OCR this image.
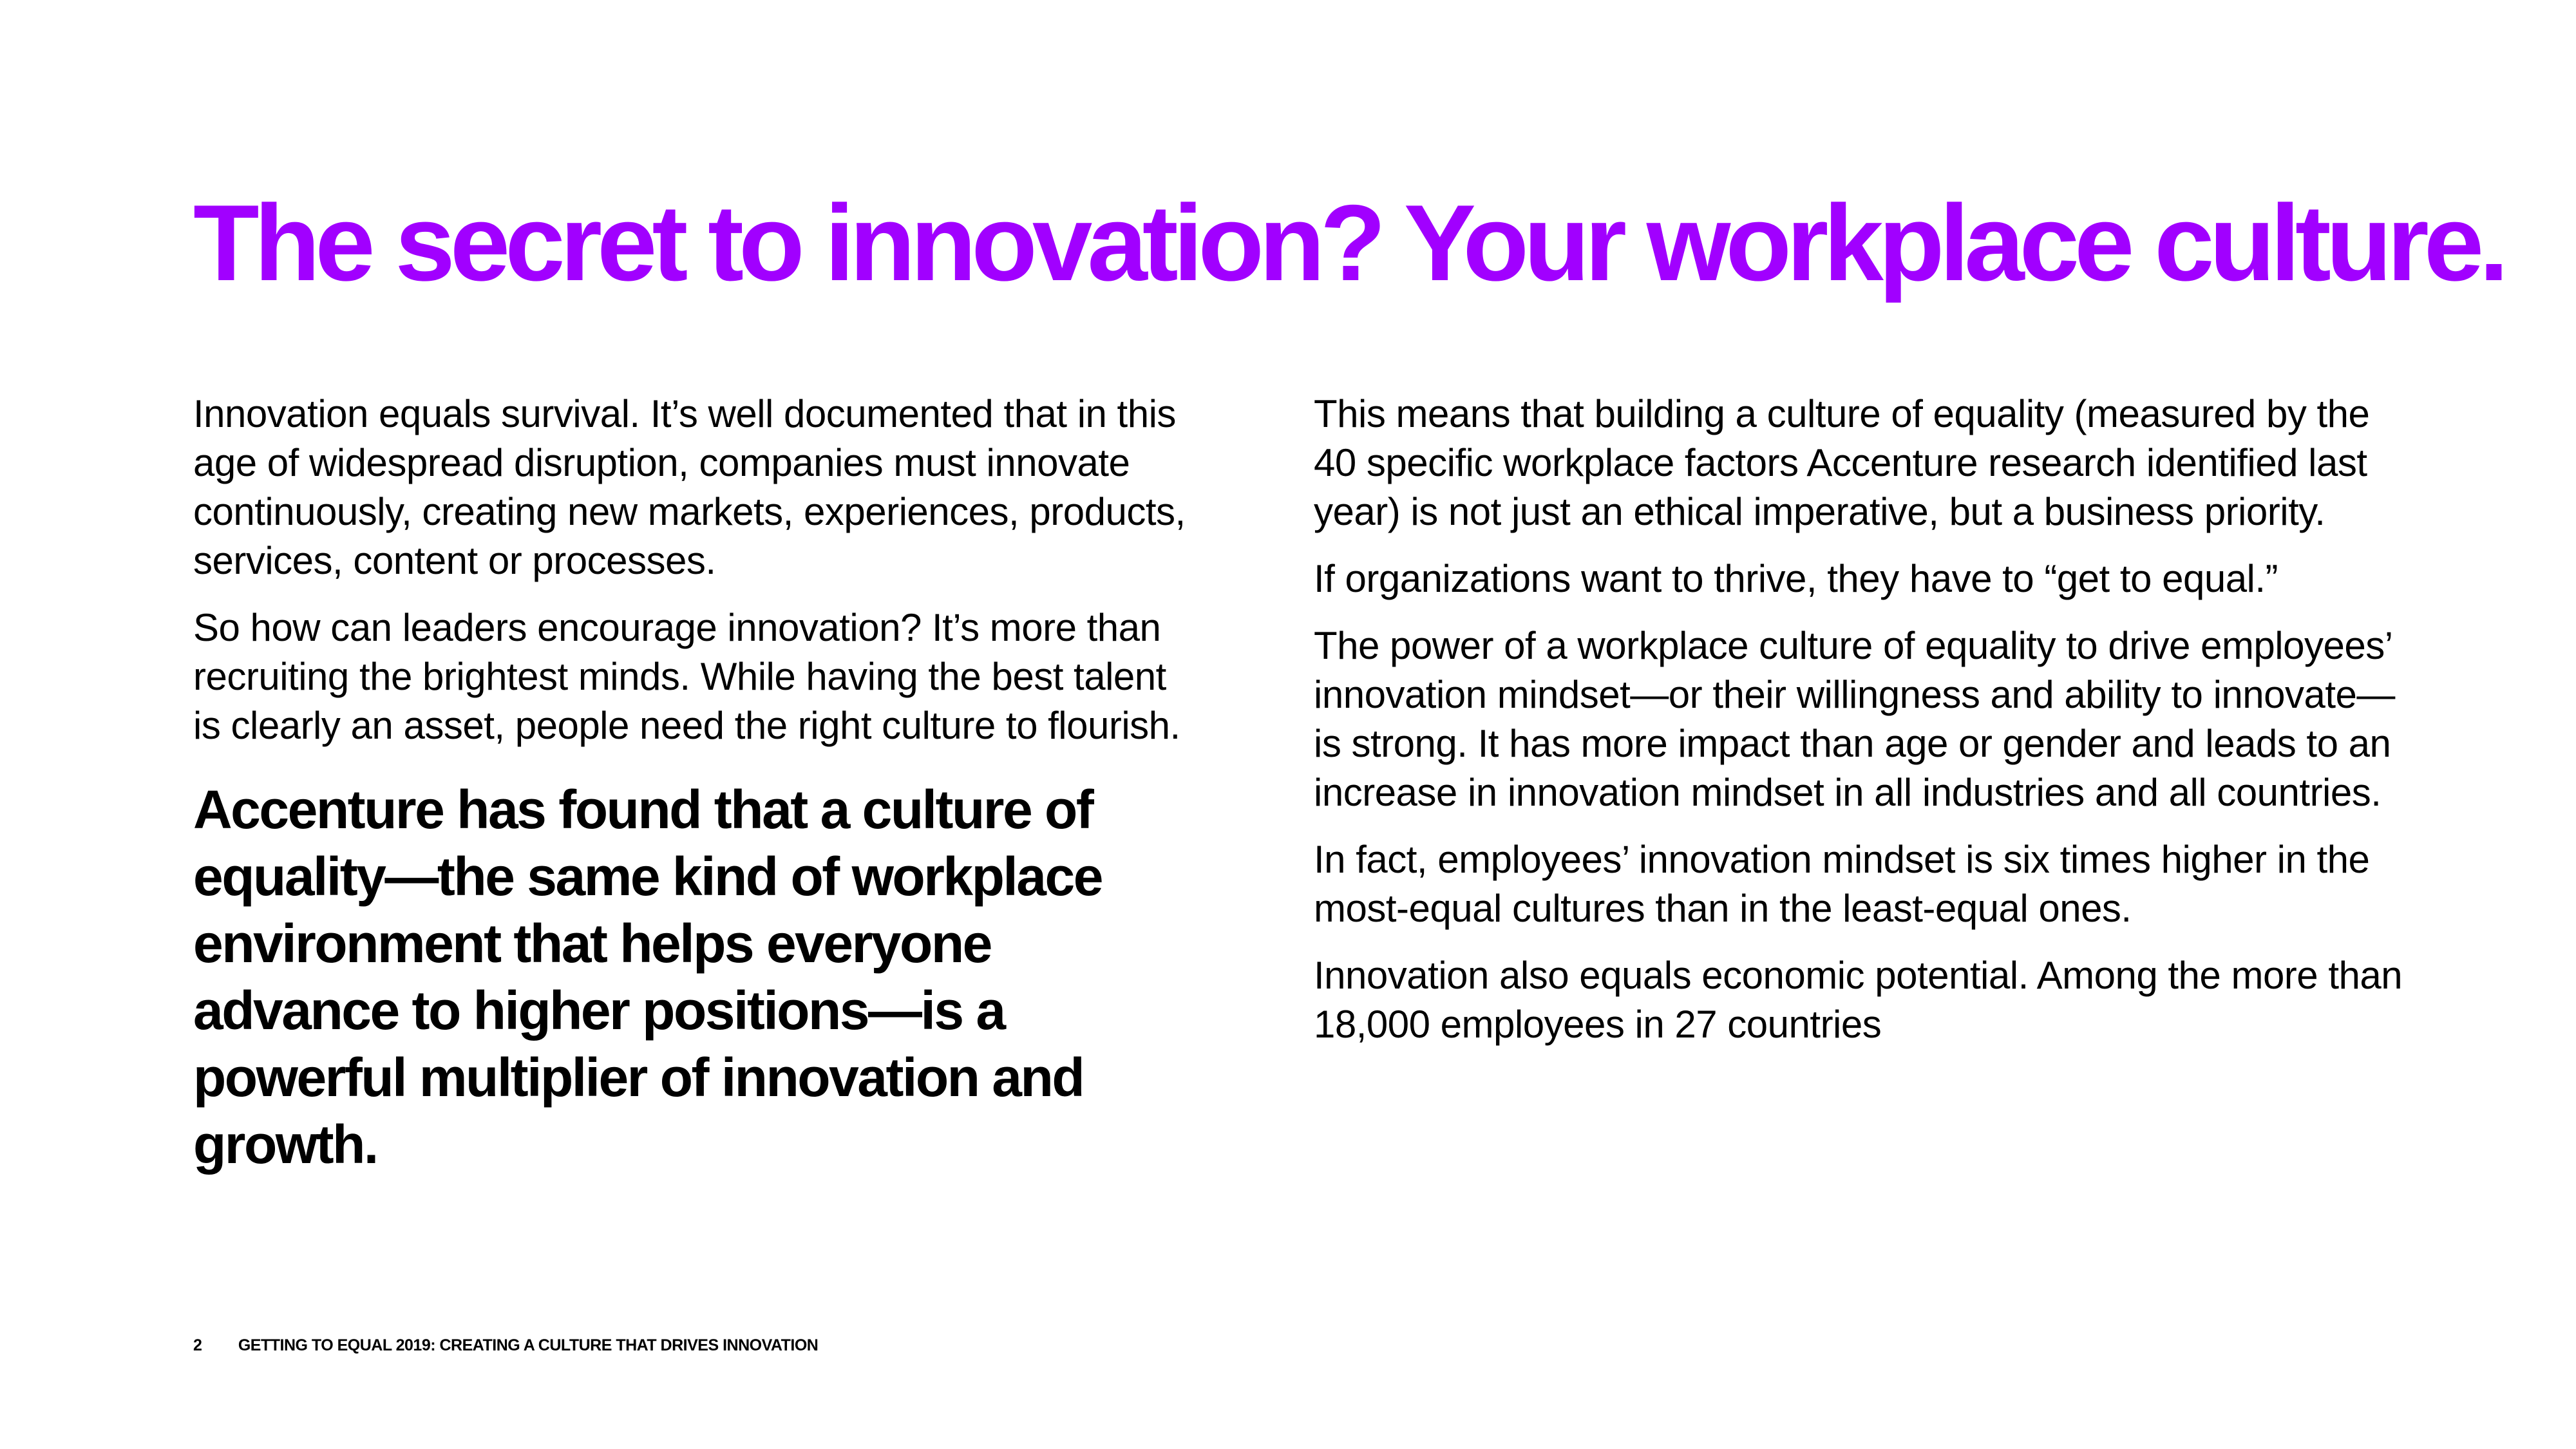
The secret to innovation? Your workplace culture.

Innovation equals survival. It’s well documented that in this age of widespread disruption, companies must innovate continuously, creating new markets, experiences, products, services, content or processes.

So how can leaders encourage innovation? It’s more than recruiting the brightest minds. While having the best talent is clearly an asset, people need the right culture to flourish.

Accenture has found that a culture of equality—the same kind of workplace environment that helps everyone advance to higher positions—is a powerful multiplier of innovation and growth.

This means that building a culture of equality (measured by the 40 specific workplace factors Accenture research identified last year) is not just an ethical imperative, but a business priority.

If organizations want to thrive, they have to “get to equal.”

The power of a workplace culture of equality to drive employees’ innovation mindset—or their willingness and ability to innovate—is strong. It has more impact than age or gender and leads to an increase in innovation mindset in all industries and all countries.

In fact, employees’ innovation mindset is six times higher in the most-equal cultures than in the least-equal ones.

Innovation also equals economic potential. Among the more than 18,000 employees in 27 countries

2 GETTING TO EQUAL 2019: CREATING A CULTURE THAT DRIVES INNOVATION
